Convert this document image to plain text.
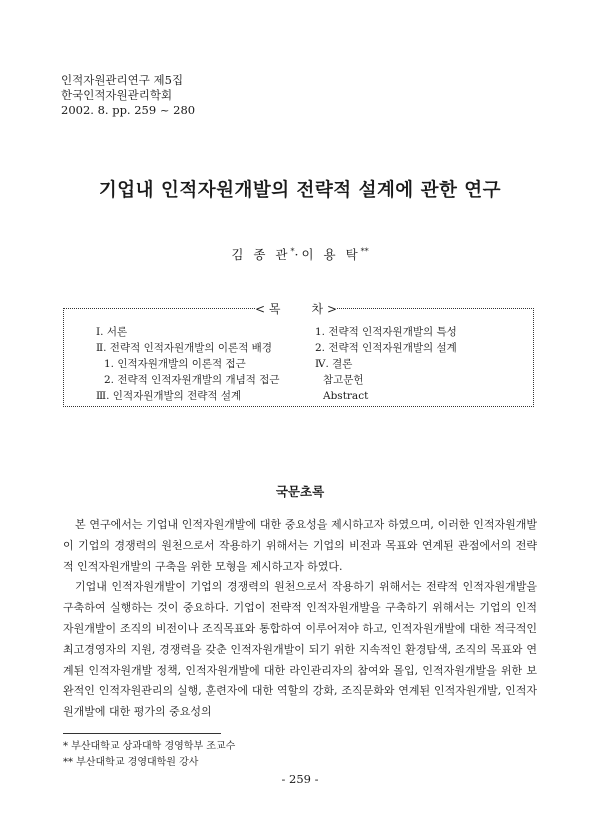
인적자원관리연구 제5집
한국인적자원관리학회
2002. 8. pp. 259 ~ 280
기업내 인적자원개발의 전략적 설계에 관한 연구
김 종 관*·이 용 탁**
< 목	차 >
Ⅰ. 서론
Ⅱ. 전략적 인적자원개발의 이론적 배경
1. 인적자원개발의 이론적 접근
2. 전략적 인적자원개발의 개념적 접근
Ⅲ. 인적자원개발의 전략적 설계
1. 전략적 인적자원개발의 특성
2. 전략적 인적자원개발의 설계
Ⅳ. 결론
참고문헌
Abstract
국문초록

본 연구에서는 기업내 인적자원개발에 대한 중요성을 제시하고자 하였으며, 이러한 인적자원개발이 기업의 경쟁력의 원천으로서 작용하기 위해서는 기업의 비전과 목표와 연계된 관점에서의 전략적 인적자원개발의 구축을 위한 모형을 제시하고자 하였다.

기업내 인적자원개발이 기업의 경쟁력의 원천으로서 작용하기 위해서는 전략적 인적자원개발을 구축하여 실행하는 것이 중요하다. 기업이 전략적 인적자원개발을 구축하기 위해서는 기업의 인적자원개발이 조직의 비전이나 조직목표와 통합하여 이루어져야 하고, 인적자원개발에 대한 적극적인 최고경영자의 지원, 경쟁력을 갖춘 인적자원개발이 되기 위한 지속적인 환경탐색, 조직의 목표와 연계된 인적자원개발 정책, 인적자원개발에 대한 라인관리자의 참여와 몰입, 인적자원개발을 위한 보완적인 인적자원관리의 실행, 훈련자에 대한 역할의 강화, 조직문화와 연계된 인적자원개발, 인적자원개발에 대한 평가의 중요성의

* 부산대학교 상과대학 경영학부 조교수
** 부산대학교 경영대학원 강사
- 259 -
